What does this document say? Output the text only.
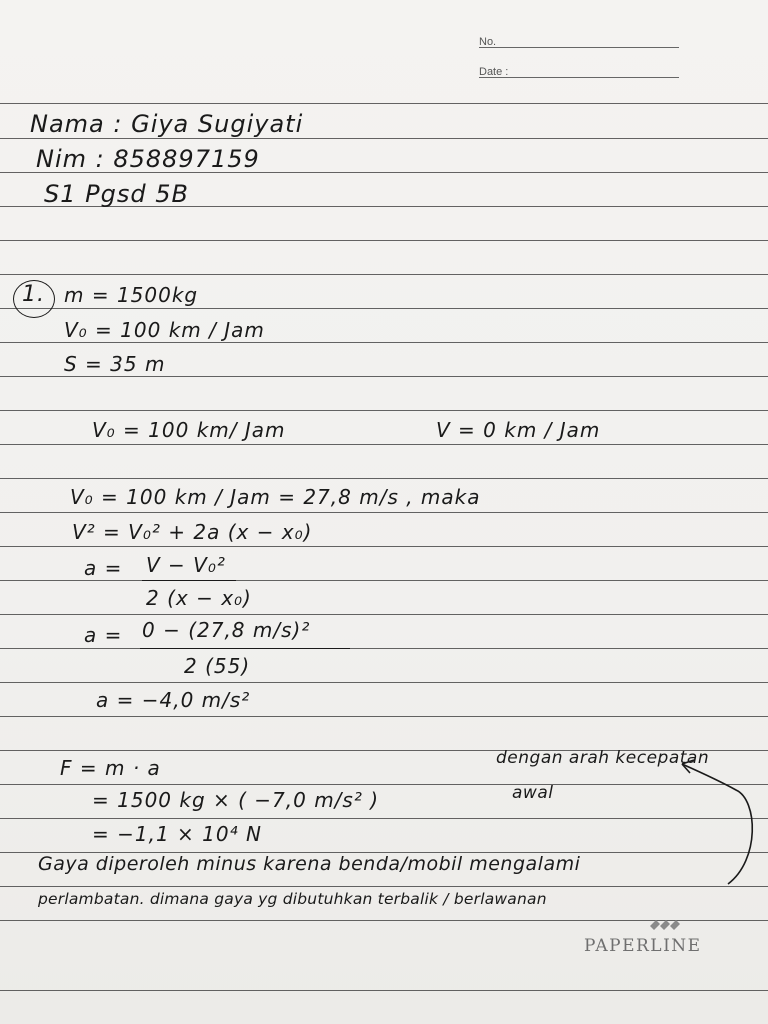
No.
Date :
Nama : Giya Sugiyati
Nim : 858897159
S1 Pgsd 5B
1. m = 1500kg
V₀ = 100 km / Jam
S = 35 m
V₀ = 100 km/ Jam	V = 0 km / Jam
V₀ = 100 km / Jam = 27,8 m/s , maka
V² = V₀² + 2a (x − x₀)
a = V − V₀²
2 (x − x₀)
a = 0 − (27,8 m/s)²
2 (55)
a = −4,0 m/s²
F = m · a
= 1500 kg × ( −7,0 m/s² )
= −1,1 × 10⁴ N
dengan arah kecepatan
awal
Gaya diperoleh minus karena benda/mobil mengalami
perlambatan. dimana gaya yg dibutuhkan terbalik / berlawanan
PAPERLINE
